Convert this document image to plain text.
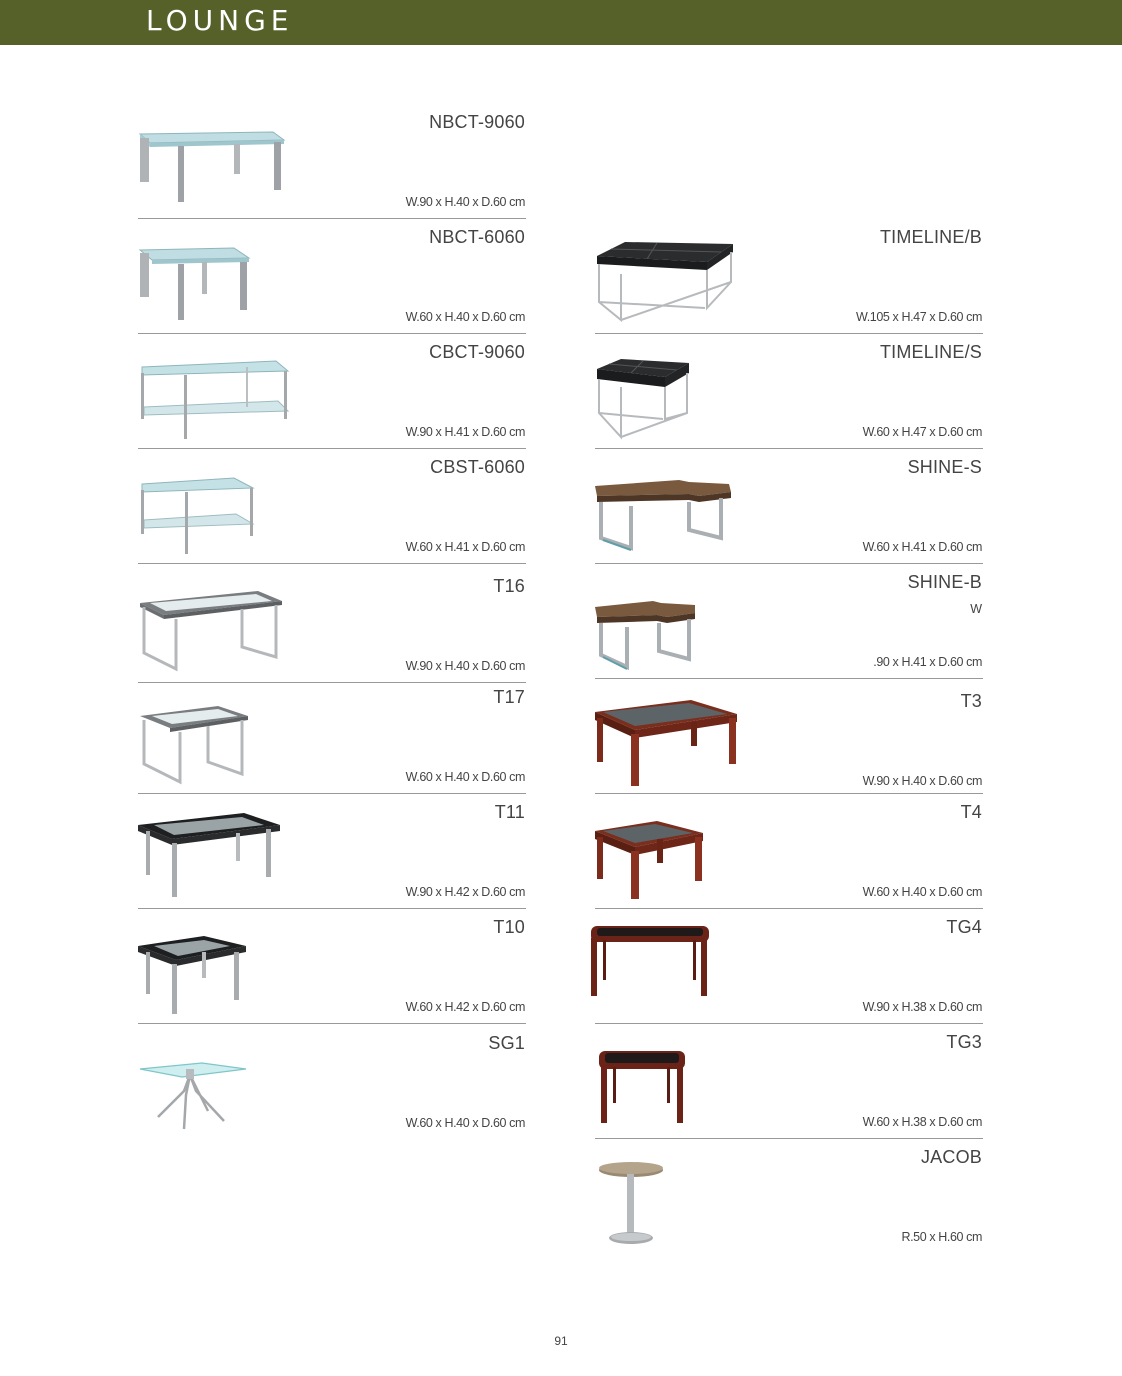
LOUNGE
NBCT-9060
W.90 x H.40 x D.60 cm
NBCT-6060
W.60 x H.40 x D.60 cm
CBCT-9060
W.90 x H.41 x D.60 cm
CBST-6060
W.60 x H.41 x D.60 cm
T16
W.90 x H.40 x D.60 cm
T17
W.60 x H.40 x D.60 cm
T11
W.90 x H.42 x D.60 cm
T10
W.60 x H.42 x D.60 cm
SG1
W.60 x H.40 x D.60 cm
TIMELINE/B
W.105 x H.47 x D.60 cm
TIMELINE/S
W.60 x H.47 x D.60 cm
SHINE-S
W.60 x H.41 x D.60 cm
SHINE-B
W
.90 x H.41 x D.60 cm
T3
W.90 x H.40 x D.60 cm
T4
W.60 x H.40 x D.60 cm
TG4
W.90 x H.38 x D.60 cm
TG3
W.60 x H.38 x D.60 cm
JACOB
R.50 x H.60 cm
91
